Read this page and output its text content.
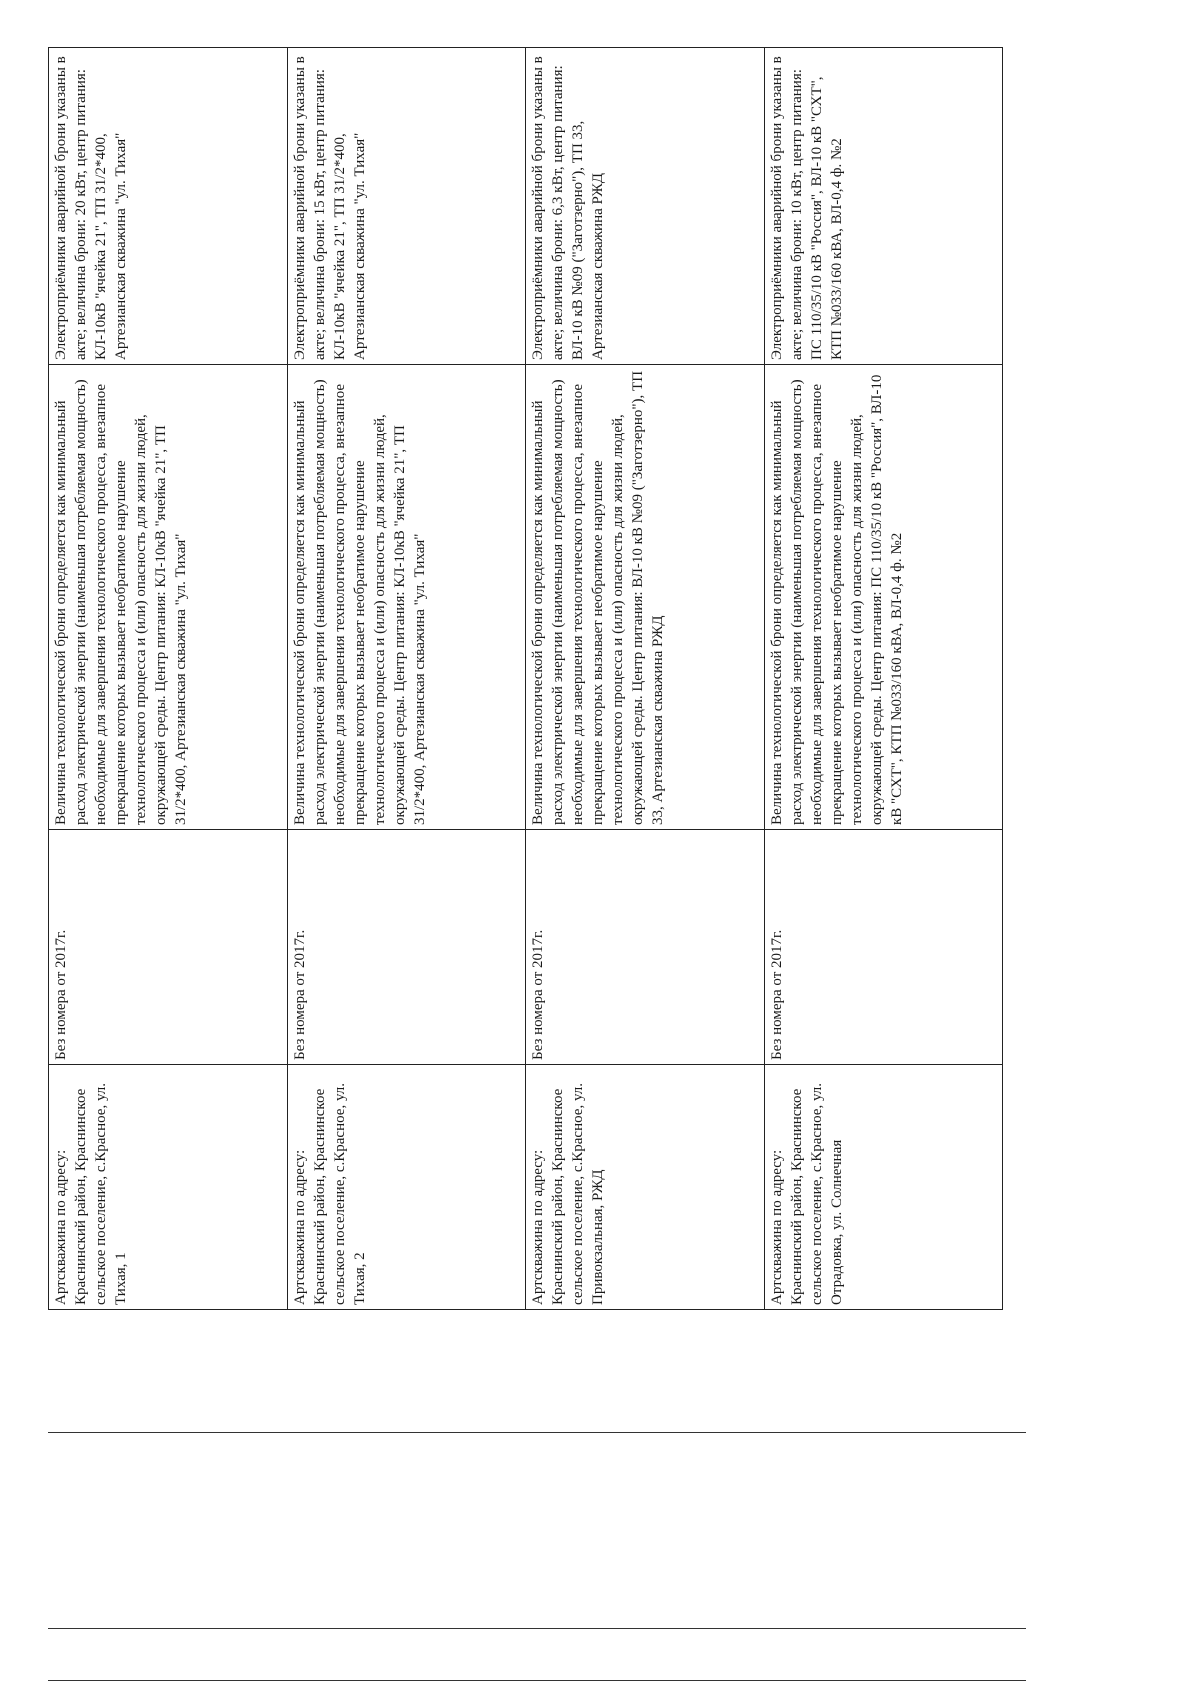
Артскважина по адресу: Краснинский район, Краснинское сельское поселение, с.Красное, ул. Тихая, 1	Без номера от 2017г.	Величина технологической брони определяется как минимальный расход электрической энергии (наименьшая потребляемая мощность) необходимые для завершения технологического процесса, внезапное прекращение которых вызывает необратимое нарушение технологического процесса и (или) опасность для жизни людей, окружающей среды. Центр питания: КЛ-10кВ "ячейка 21", ТП 31/2*400, Артезианская скважина "ул. Тихая"	Электроприёмники аварийной брони указаны в акте; величина брони: 20 кВт, центр питания: КЛ-10кВ "ячейка 21", ТП 31/2*400, Артезианская скважина "ул. Тихая"
Артскважина по адресу: Краснинский район, Краснинское сельское поселение, с.Красное, ул. Тихая, 2	Без номера от 2017г.	Величина технологической брони определяется как минимальный расход электрической энергии (наименьшая потребляемая мощность) необходимые для завершения технологического процесса, внезапное прекращение которых вызывает необратимое нарушение технологического процесса и (или) опасность для жизни людей, окружающей среды. Центр питания: КЛ-10кВ "ячейка 21", ТП 31/2*400, Артезианская скважина "ул. Тихая"	Электроприёмники аварийной брони указаны в акте; величина брони: 15 кВт, центр питания: КЛ-10кВ "ячейка 21", ТП 31/2*400, Артезианская скважина "ул. Тихая"
Артскважина по адресу: Краснинский район, Краснинское сельское поселение, с.Красное, ул. Привокзальная, РЖД	Без номера от 2017г.	Величина технологической брони определяется как минимальный расход электрической энергии (наименьшая потребляемая мощность) необходимые для завершения технологического процесса, внезапное прекращение которых вызывает необратимое нарушение технологического процесса и (или) опасность для жизни людей, окружающей среды. Центр питания: ВЛ-10 кВ №09 ("Заготзерно"), ТП 33, Артезианская скважина РЖД	Электроприёмники аварийной брони указаны в акте; величина брони: 6,3 кВт, центр питания: ВЛ-10 кВ №09 ("Заготзерно"), ТП 33, Артезианская скважина РЖД
Артскважина по адресу: Краснинский район, Краснинское сельское поселение, с.Красное, ул. Отрадовка, ул. Солнечная	Без номера от 2017г.	Величина технологической брони определяется как минимальный расход электрической энергии (наименьшая потребляемая мощность) необходимые для завершения технологического процесса, внезапное прекращение которых вызывает необратимое нарушение технологического процесса и (или) опасность для жизни людей, окружающей среды. Центр питания: ПС 110/35/10 кВ "Россия", ВЛ-10 кВ "СХТ", КТП №033/160 кВА, ВЛ-0,4 ф. №2	Электроприёмники аварийной брони указаны в акте; величина брони: 10 кВт, центр питания: ПС 110/35/10 кВ "Россия", ВЛ-10 кВ "СХТ", КТП №033/160 кВА, ВЛ-0,4 ф. №2
